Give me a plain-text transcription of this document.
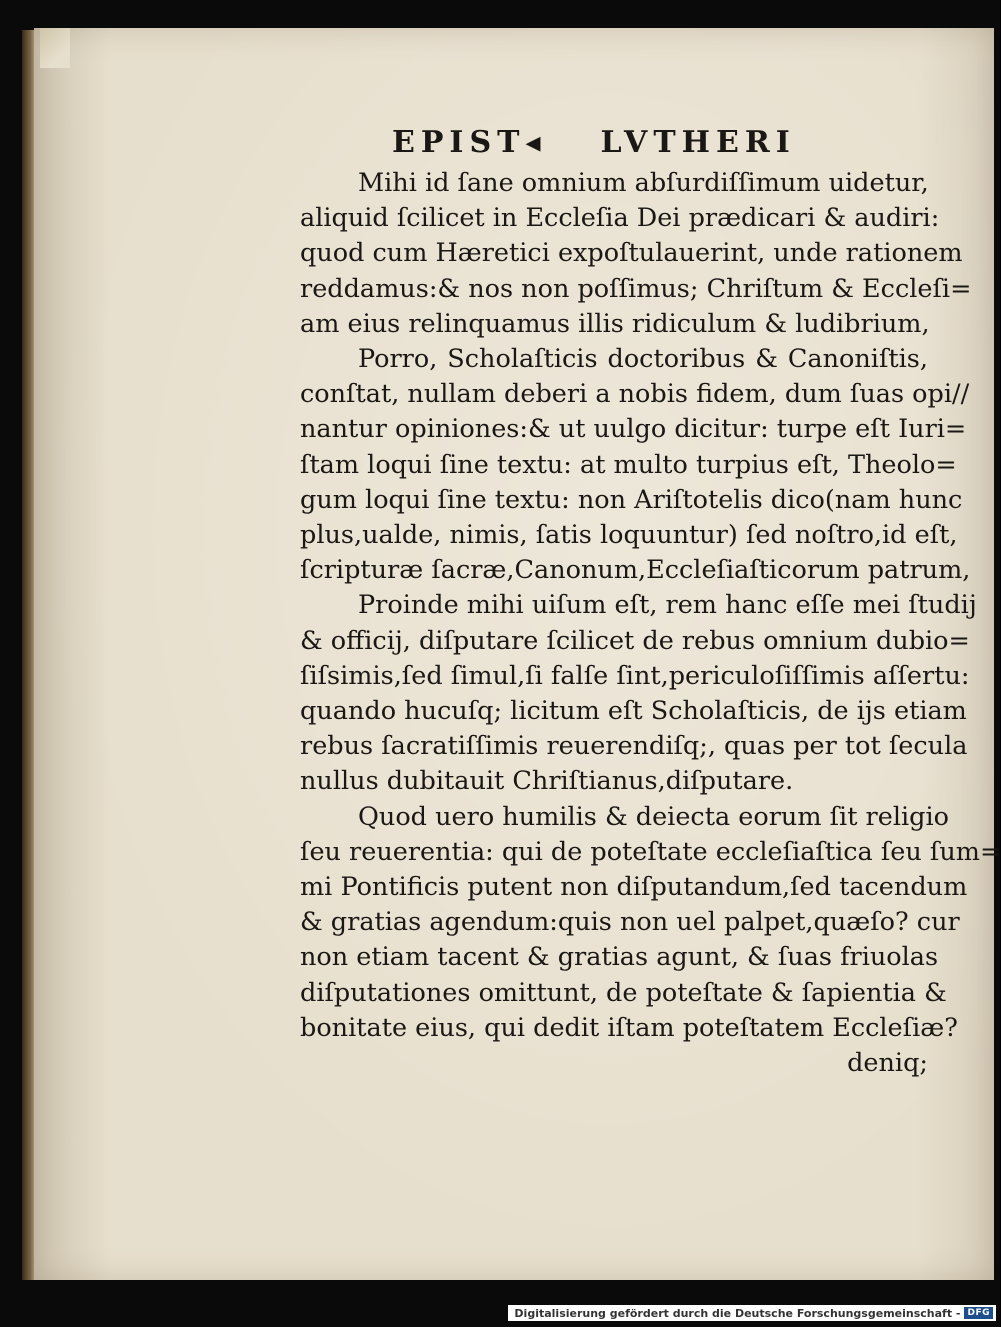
EPIST◂ LVTHERI
Mihi id ſane omnium abſurdiſſimum uidetur,
aliquid ſcilicet in Eccleſia Dei prædicari & audiri:
quod cum Hæretici expoſtulauerint, unde rationem
reddamus:& nos non poſſimus; Chriſtum & Eccleſi=
am eius relinquamus illis ridiculum & ludibrium,
Porro, Scholaſticis doctoribus & Canoniſtis,
conſtat, nullam deberi a nobis fidem, dum ſuas opi//
nantur opiniones:& ut uulgo dicitur: turpe eſt Iuri=
ſtam loqui ſine textu: at multo turpius eſt, Theolo=
gum loqui ſine textu: non Ariſtotelis dico(nam hunc
plus,ualde, nimis, ſatis loquuntur) ſed noſtro,id eſt,
ſcripturæ ſacræ,Canonum,Eccleſiaſticorum patrum,
Proinde mihi uiſum eſt, rem hanc eſſe mei ſtudij
& officij, diſputare ſcilicet de rebus omnium dubio=
ſiſsimis,ſed ſimul,ſi falſe ſint,periculoſiſſimis aſſertu:
quando hucuſq; licitum eſt Scholaſticis, de ijs etiam
rebus ſacratiſſimis reuerendiſq;, quas per tot ſecula
nullus dubitauit Chriſtianus,diſputare.
Quod uero humilis & deiecta eorum ſit religio
ſeu reuerentia: qui de poteſtate eccleſiaſtica ſeu ſum=
mi Pontificis putent non diſputandum,ſed tacendum
& gratias agendum:quis non uel palpet,quæſo? cur
non etiam tacent & gratias agunt, & ſuas friuolas
diſputationes omittunt, de poteſtate & ſapientia &
bonitate eius, qui dedit iſtam poteſtatem Eccleſiæ?
deniq;
Digitalisierung gefördert durch die Deutsche Forschungsgemeinschaft - DFG
